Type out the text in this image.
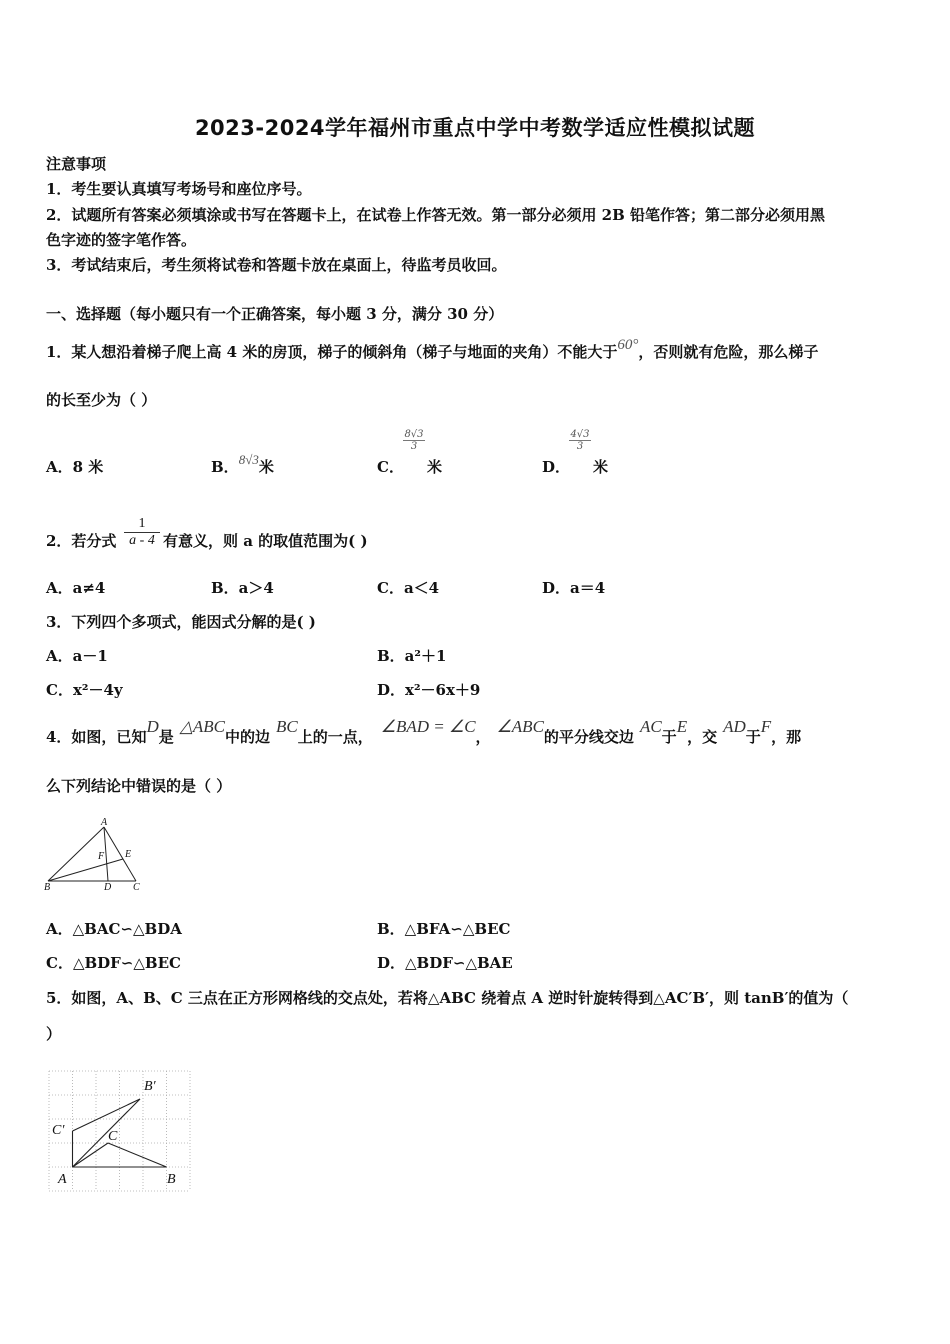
2023-2024学年福州市重点中学中考数学适应性模拟试题
注意事项
1．考生要认真填写考场号和座位序号。
2．试题所有答案必须填涂或书写在答题卡上，在试卷上作答无效。第一部分必须用 2B 铅笔作答；第二部分必须用黑
色字迹的签字笔作答。
3．考试结束后，考生须将试卷和答题卡放在桌面上，待监考员收回。
一、选择题（每小题只有一个正确答案，每小题 3 分，满分 30 分）
1．某人想沿着梯子爬上高 4 米的房顶，梯子的倾斜角（梯子与地面的夹角）不能大于60°，否则就有危险，那么梯子
的长至少为（ ）
A．8 米	B．8√3米	C．
$\frac{8√3}{3}$
米	D．
$\frac{4√3}{3}$
米
2．若分式 $\frac{1}{a - 4}$ 有意义，则 a 的取值范围为( )
A．a≠4	B．a＞4	C．a＜4	D．a＝4
3．下列四个多项式，能因式分解的是( )
A．a－1	B．a²＋1
C．x²－4y	D．x²－6x＋9
4．如图，已知D是△ABC中的边BC上的一点，∠BAD = ∠C，∠ABC的平分线交边AC于E，交AD于F，那
么下列结论中错误的是（ ）
A
B	C
D
E
F
A．△BAC∽△BDA	B．△BFA∽△BEC
C．△BDF∽△BEC	D．△BDF∽△BAE
5．如图，A、B、C 三点在正方形网格线的交点处，若将△ABC 绕着点 A 逆时针旋转得到△AC′B′，则 tanB′的值为（
）
B′
C′	C
A	B
